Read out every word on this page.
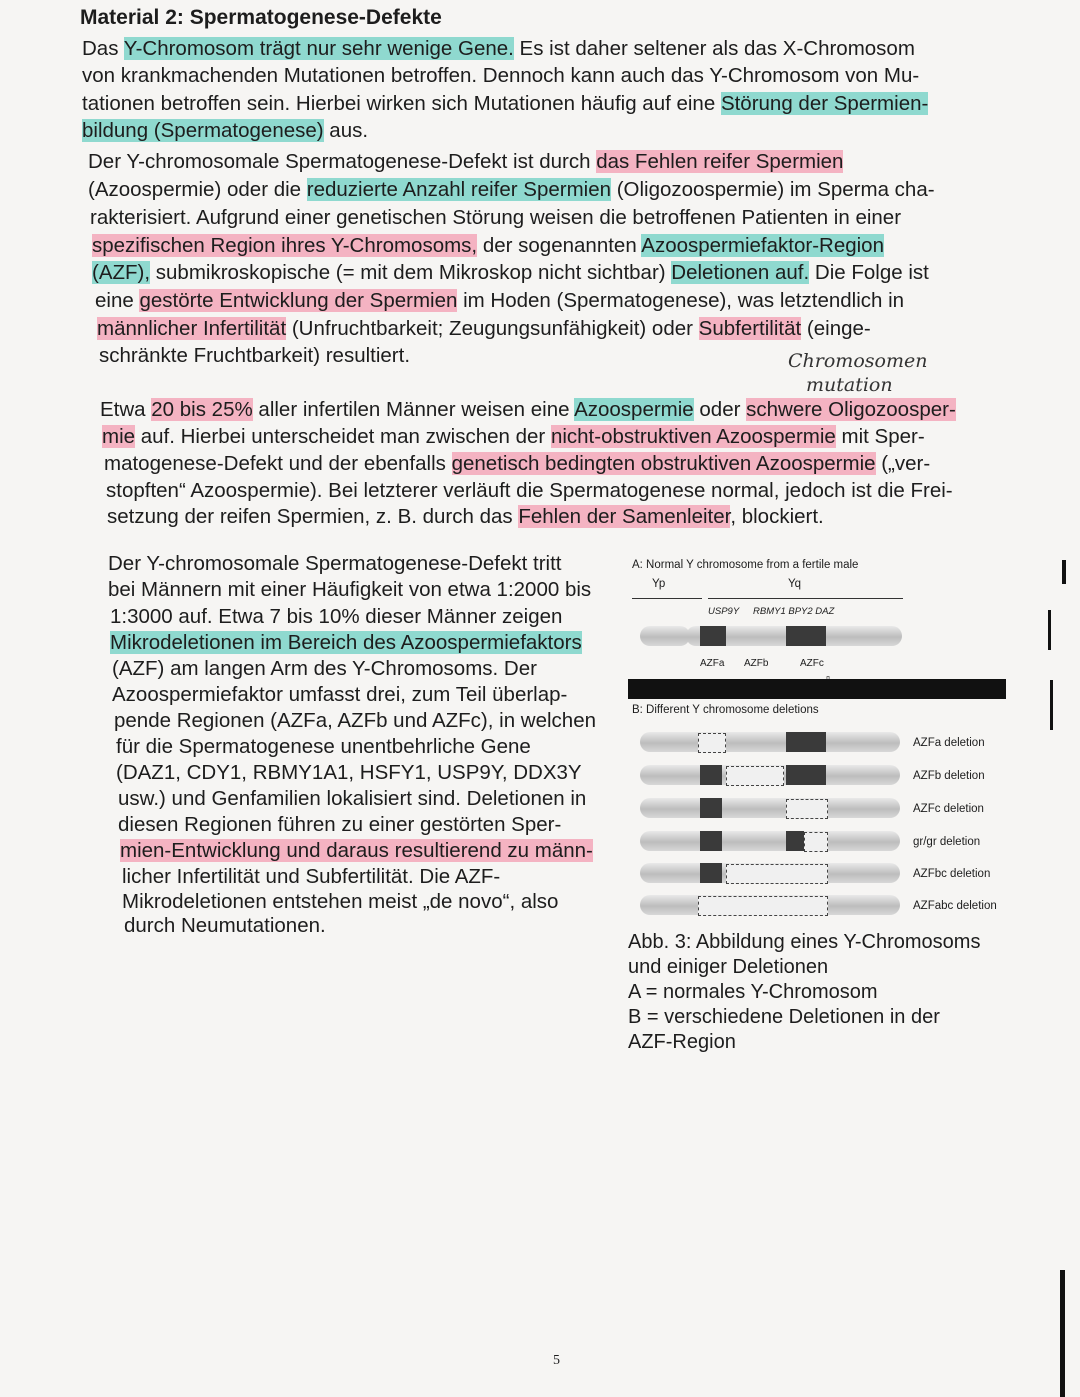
Material 2: Spermatogenese-Defekte
Das Y-Chromosom trägt nur sehr wenige Gene. Es ist daher seltener als das X-Chromosom
von krankmachenden Mutationen betroffen. Dennoch kann auch das Y-Chromosom von Mu-
tationen betroffen sein. Hierbei wirken sich Mutationen häufig auf eine Störung der Spermien-
bildung (Spermatogenese) aus.
Der Y-chromosomale Spermatogenese-Defekt ist durch das Fehlen reifer Spermien
(Azoospermie) oder die reduzierte Anzahl reifer Spermien (Oligozoospermie) im Sperma cha-
rakterisiert. Aufgrund einer genetischen Störung weisen die betroffenen Patienten in einer
spezifischen Region ihres Y-Chromosoms, der sogenannten Azoospermiefaktor-Region
(AZF), submikroskopische (= mit dem Mikroskop nicht sichtbar) Deletionen auf. Die Folge ist
eine gestörte Entwicklung der Spermien im Hoden (Spermatogenese), was letztendlich in
männlicher Infertilität (Unfruchtbarkeit; Zeugungsunfähigkeit) oder Subfertilität (einge-
schränkte Fruchtbarkeit) resultiert.	Chromosomen
mutation
Etwa 20 bis 25% aller infertilen Männer weisen eine Azoospermie oder schwere Oligozoosper-
mie auf. Hierbei unterscheidet man zwischen der nicht-obstruktiven Azoospermie mit Sper-
matogenese-Defekt und der ebenfalls genetisch bedingten obstruktiven Azoospermie („ver-
stopften“ Azoospermie). Bei letzterer verläuft die Spermatogenese normal, jedoch ist die Frei-
setzung der reifen Spermien, z. B. durch das Fehlen der Samenleiter, blockiert.
Der Y-chromosomale Spermatogenese-Defekt tritt
bei Männern mit einer Häufigkeit von etwa 1:2000 bis
1:3000 auf. Etwa 7 bis 10% dieser Männer zeigen
Mikrodeletionen im Bereich des Azoospermiefaktors
(AZF) am langen Arm des Y-Chromosoms. Der
Azoospermiefaktor umfasst drei, zum Teil überlap-
pende Regionen (AZFa, AZFb und AZFc), in welchen
für die Spermatogenese unentbehrliche Gene
(DAZ1, CDY1, RBMY1A1, HSFY1, USP9Y, DDX3Y
usw.) und Genfamilien lokalisiert sind. Deletionen in
diesen Regionen führen zu einer gestörten Sper-
mien-Entwicklung und daraus resultierend zu männ-
licher Infertilität und Subfertilität. Die AZF-
Mikrodeletionen entstehen meist „de novo“, also
durch Neumutationen.
A: Normal Y chromosome from a fertile male
Yp	Yq
USP9Y RBMY1 BPY2 DAZ
AZFa AZFb	AZFc
B: Different Y chromosome deletions
AZFa deletion
AZFb deletion
AZFc deletion
gr/gr deletion
AZFbc deletion
AZFabc deletion
Abb. 3: Abbildung eines Y-Chromosoms
und einiger Deletionen
A = normales Y-Chromosom
B = verschiedene Deletionen in der
AZF-Region
5
